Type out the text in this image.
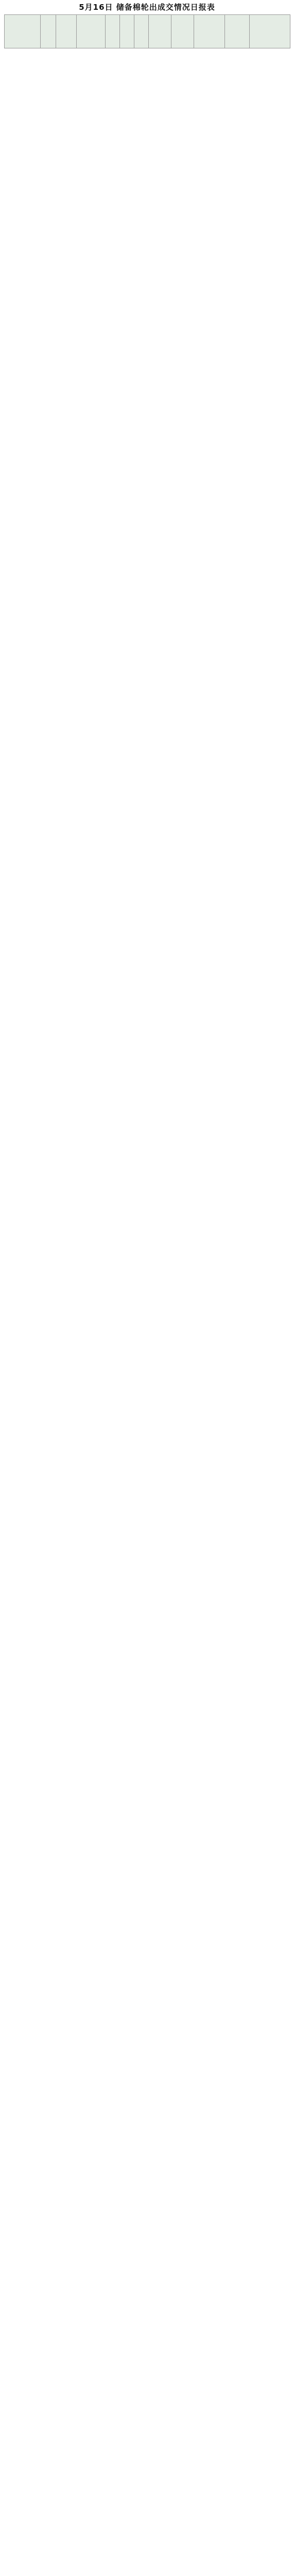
5月16日 储备棉轮出成交情况日报表
